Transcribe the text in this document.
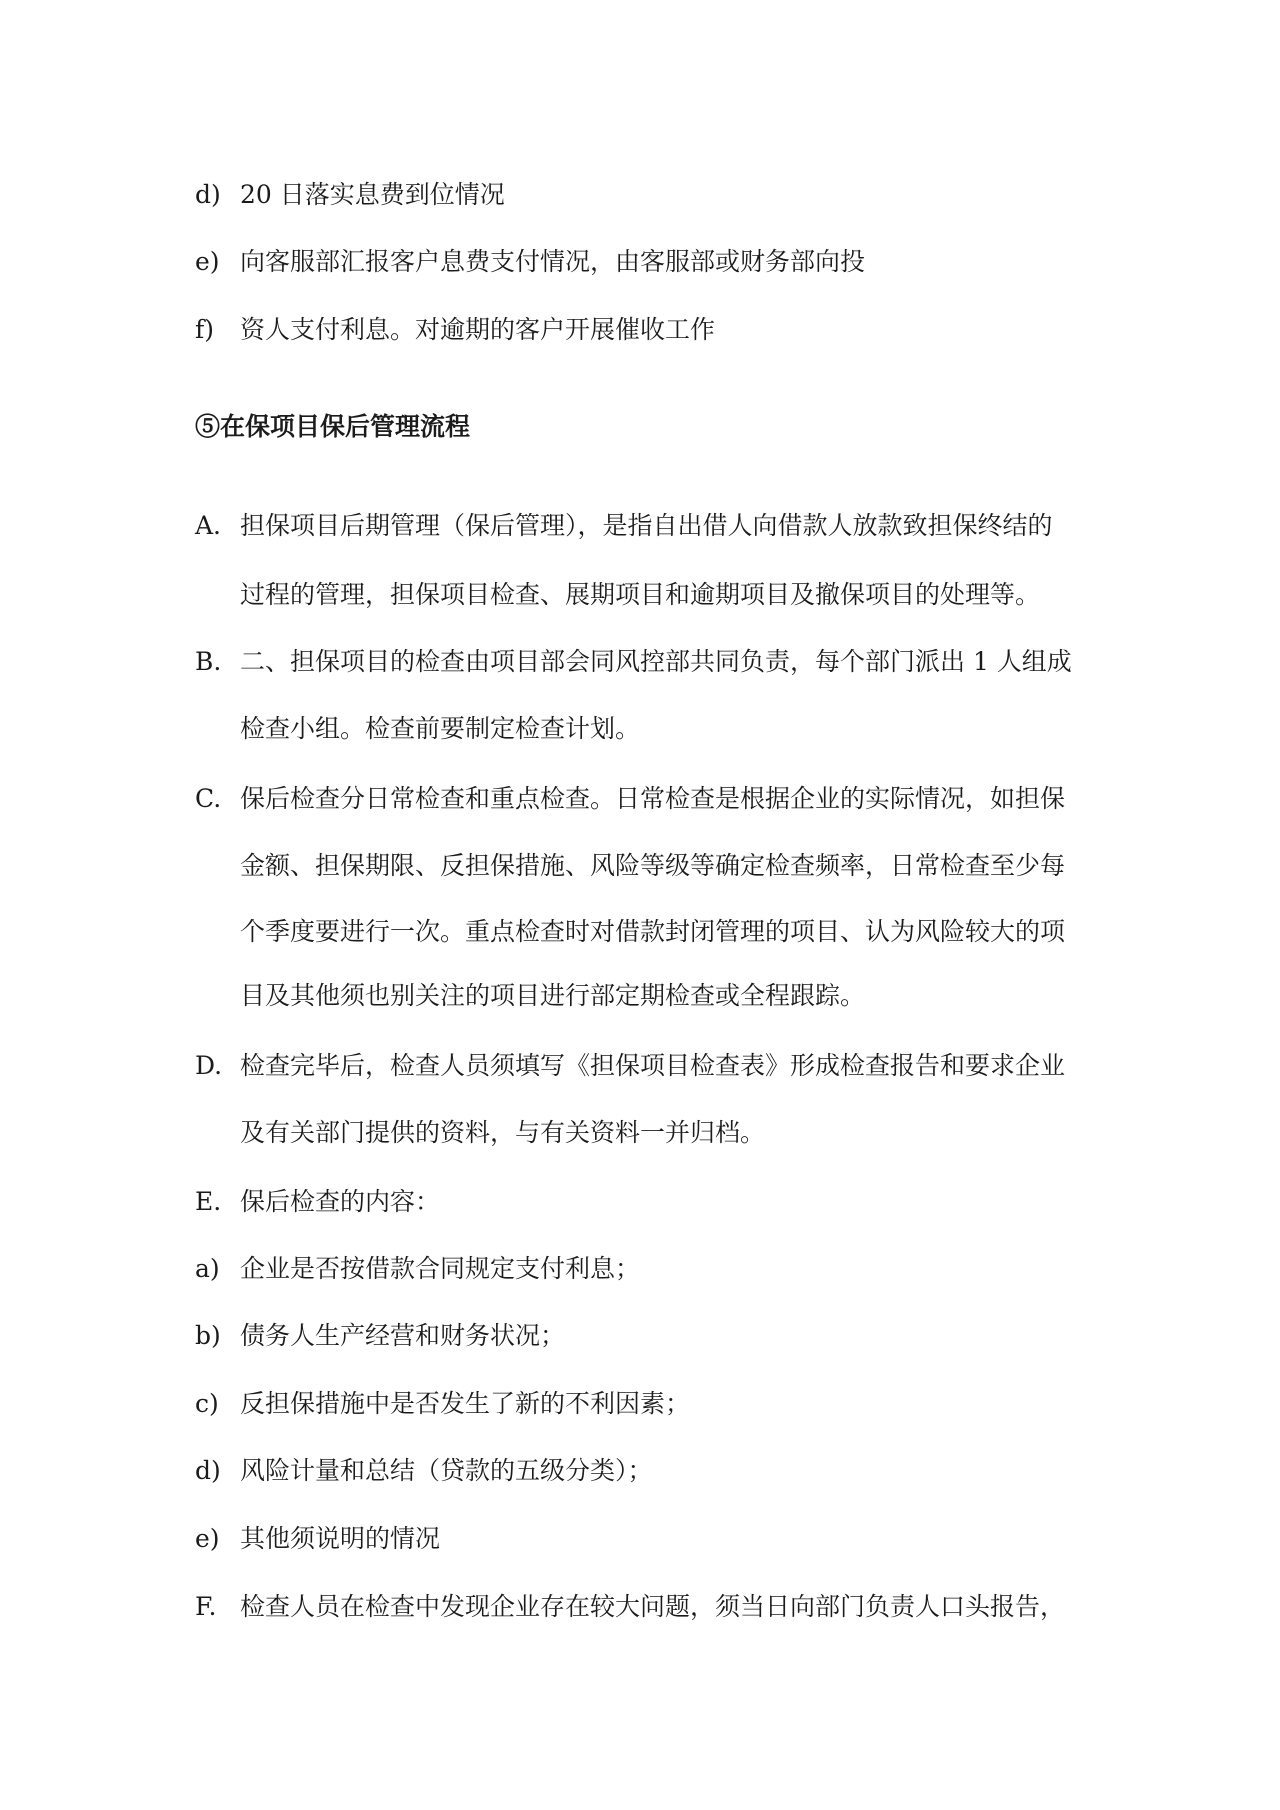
d) 20 日落实息费到位情况
e) 向客服部汇报客户息费支付情况，由客服部或财务部向投
f) 资人支付利息。对逾期的客户开展催收工作
⑤在保项目保后管理流程
A. 担保项目后期管理（保后管理），是指自出借人向借款人放款致担保终结的
过程的管理，担保项目检查、展期项目和逾期项目及撤保项目的处理等。
B. 二、担保项目的检查由项目部会同风控部共同负责，每个部门派出 1 人组成
检查小组。检查前要制定检查计划。
C. 保后检查分日常检查和重点检查。日常检查是根据企业的实际情况，如担保
金额、担保期限、反担保措施、风险等级等确定检查频率，日常检查至少每
个季度要进行一次。重点检查时对借款封闭管理的项目、认为风险较大的项
目及其他须也别关注的项目进行部定期检查或全程跟踪。
D. 检查完毕后，检查人员须填写《担保项目检查表》形成检查报告和要求企业
及有关部门提供的资料，与有关资料一并归档。
E. 保后检查的内容：
a) 企业是否按借款合同规定支付利息；
b) 债务人生产经营和财务状况；
c) 反担保措施中是否发生了新的不利因素；
d) 风险计量和总结（贷款的五级分类）；
e) 其他须说明的情况
F. 检查人员在检查中发现企业存在较大问题，须当日向部门负责人口头报告，
